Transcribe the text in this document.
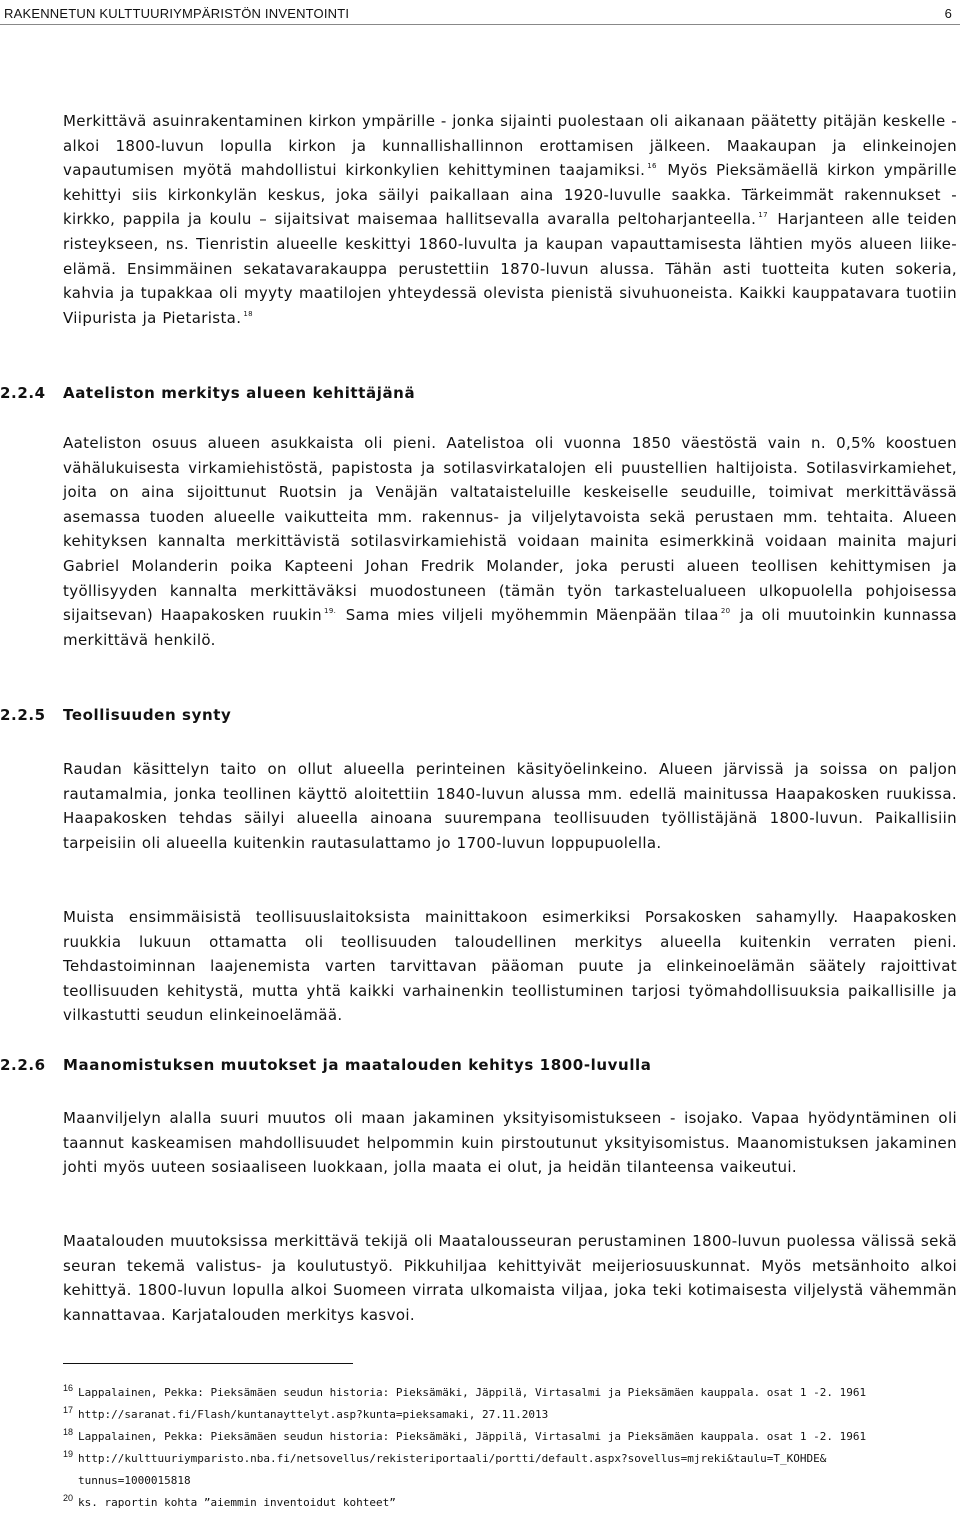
RAKENNETUN KULTTUURIYMPÄRISTÖN INVENTOINTI	6

Merkittävä asuinrakentaminen kirkon ympärille - jonka sijainti puolestaan oli aikanaan päätetty pitäjän keskelle - alkoi 1800-luvun lopulla kirkon ja kunnallishallinnon erottamisen jälkeen. Maakaupan ja elinkeinojen vapautumisen myötä mahdollistui kirkonkylien kehittyminen taajamiksi. $^{16}$ Myös Pieksämäellä kirkon ympärille kehittyi siis kirkonkylän keskus, joka säilyi paikallaan aina 1920-luvulle saakka. Tärkeimmät rakennukset - kirkko, pappila ja koulu – sijaitsivat maisemaa hallitsevalla avaralla peltoharjanteella. $^{17}$ Harjanteen alle teiden risteykseen, ns. Tienristin alueelle keskittyi 1860-luvulta ja kaupan vapauttamisesta lähtien myös alueen liike-elämä. Ensimmäinen sekatavarakauppa perustettiin 1870-luvun alussa. Tähän asti tuotteita kuten sokeria, kahvia ja tupakkaa oli myyty maatilojen yhteydessä olevista pienistä sivuhuoneista. Kaikki kauppatavara tuotiin Viipurista ja Pietarista. $^{18}$

2.2.4 Aateliston merkitys alueen kehittäjänä

Aateliston osuus alueen asukkaista oli pieni. Aatelistoa oli vuonna 1850 väestöstä vain n. 0,5% koostuen vähälukuisesta virkamiehistöstä, papistosta ja sotilasvirkatalojen eli puustellien haltijoista. Sotilasvirkamiehet, joita on aina sijoittunut Ruotsin ja Venäjän valtataisteluille keskeiselle seuduille, toimivat merkittävässä asemassa tuoden alueelle vaikutteita mm. rakennus- ja viljelytavoista sekä perustaen mm. tehtaita. Alueen kehityksen kannalta merkittävistä sotilasvirkamiehistä voidaan mainita esimerkkinä voidaan mainita majuri Gabriel Molanderin poika Kapteeni Johan Fredrik Molander, joka perusti alueen teollisen kehittymisen ja työllisyyden kannalta merkittäväksi muodostuneen (tämän työn tarkastelualueen ulkopuolella pohjoisessa sijaitsevan) Haapakosken ruukin $^{19.}$ Sama mies viljeli myöhemmin Mäenpään tilaa $^{20}$ ja oli muutoinkin kunnassa merkittävä henkilö.

2.2.5 Teollisuuden synty

Raudan käsittelyn taito on ollut alueella perinteinen käsityöelinkeino. Alueen järvissä ja soissa on paljon rautamalmia, jonka teollinen käyttö aloitettiin 1840-luvun alussa mm. edellä mainitussa Haapakosken ruukissa. Haapakosken tehdas säilyi alueella ainoana suurempana teollisuuden työllistäjänä 1800-luvun. Paikallisiin tarpeisiin oli alueella kuitenkin rautasulattamo jo 1700-luvun loppupuolella.

Muista ensimmäisistä teollisuuslaitoksista mainittakoon esimerkiksi Porsakosken sahamylly. Haapakosken ruukkia lukuun ottamatta oli teollisuuden taloudellinen merkitys alueella kuitenkin verraten pieni. Tehdastoiminnan laajenemista varten tarvittavan pääoman puute ja elinkeinoelämän säätely rajoittivat teollisuuden kehitystä, mutta yhtä kaikki varhainenkin teollistuminen tarjosi työmahdollisuuksia paikallisille ja vilkastutti seudun elinkeinoelämää.

2.2.6 Maanomistuksen muutokset ja maatalouden kehitys 1800-luvulla

Maanviljelyn alalla suuri muutos oli maan jakaminen yksityisomistukseen - isojako. Vapaa hyödyntäminen oli taannut kaskeamisen mahdollisuudet helpommin kuin pirstoutunut yksityisomistus. Maanomistuksen jakaminen johti myös uuteen sosiaaliseen luokkaan, jolla maata ei olut, ja heidän tilanteensa vaikeutui.

Maatalouden muutoksissa merkittävä tekijä oli Maatalousseuran perustaminen 1800-luvun puolessa välissä sekä seuran tekemä valistus- ja koulutustyö. Pikkuhiljaa kehittyivät meijeriosuuskunnat. Myös metsänhoito alkoi kehittyä. 1800-luvun lopulla alkoi Suomeen virrata ulkomaista viljaa, joka teki kotimaisesta viljelystä vähemmän kannattavaa. Karjatalouden merkitys kasvoi.

16 Lappalainen, Pekka: Pieksämäen seudun historia: Pieksämäki, Jäppilä, Virtasalmi ja Pieksämäen kauppala. osat 1 -2. 1961
17 http://saranat.fi/Flash/kuntanayttelyt.asp?kunta=pieksamaki, 27.11.2013
18 Lappalainen, Pekka: Pieksämäen seudun historia: Pieksämäki, Jäppilä, Virtasalmi ja Pieksämäen kauppala. osat 1 -2. 1961
19 http://kulttuuriymparisto.nba.fi/netsovellus/rekisteriportaali/portti/default.aspx?sovellus=mjreki&taulu=T_KOHDE& tunnus=1000015818
20 ks. raportin kohta ”aiemmin inventoidut kohteet”
